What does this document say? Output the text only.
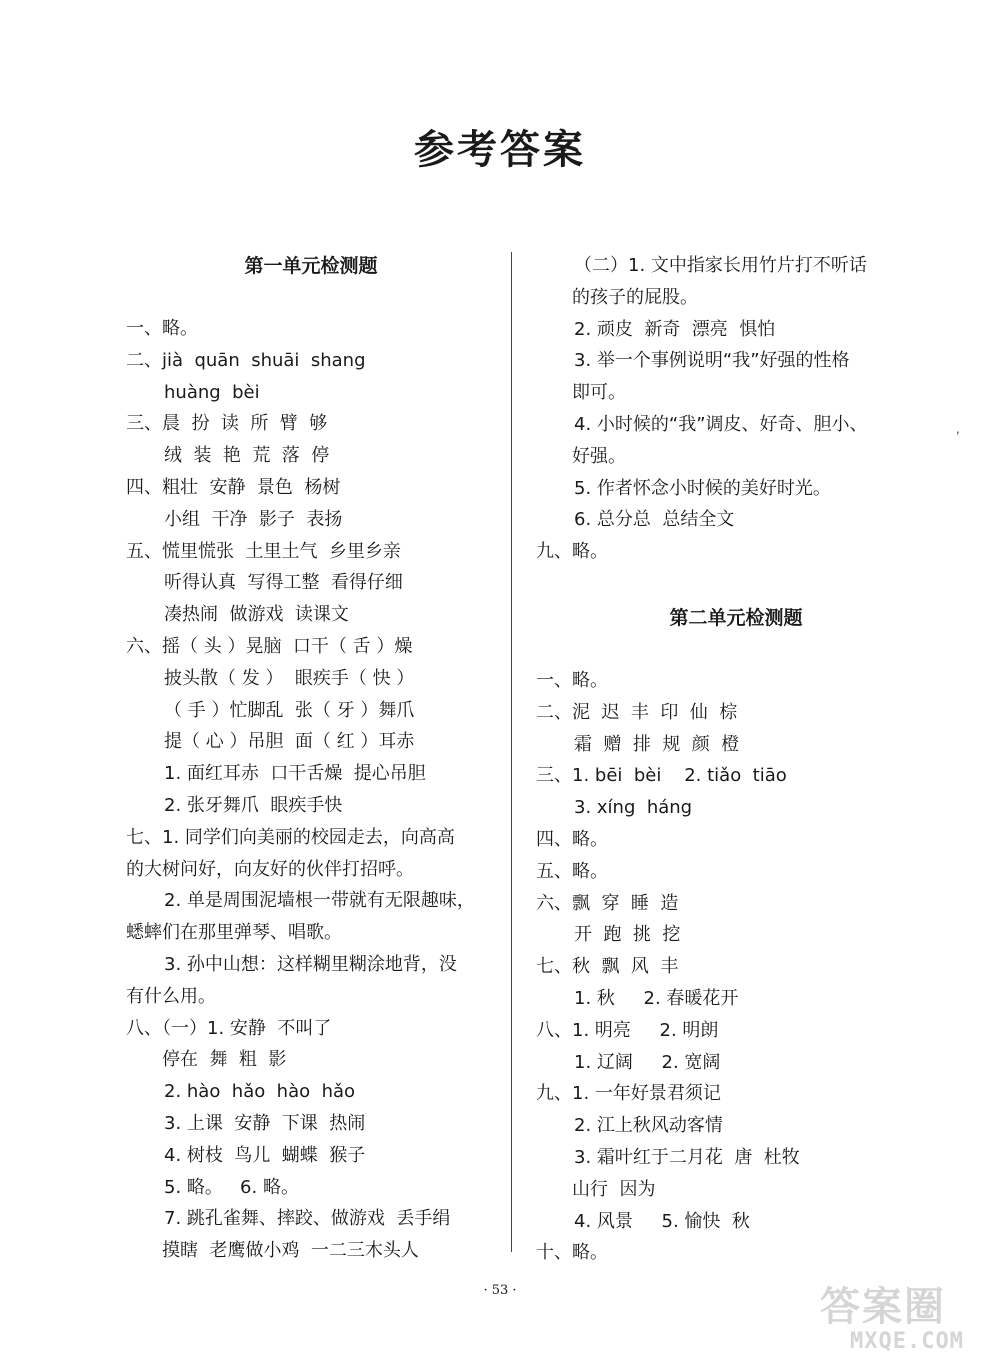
参考答案
第一单元检测题
一、略。
二、jià  quān  shuāi  shang
huàng  bèi
三、晨  扮  读  所  臂  够
绒  装  艳  荒  落  停
四、粗壮  安静  景色  杨树
小组  干净  影子  表扬
五、慌里慌张  土里土气  乡里乡亲
听得认真  写得工整  看得仔细
凑热闹  做游戏  读课文
六、摇（ 头 ）晃脑  口干（ 舌 ）燥
披头散（ 发 ）  眼疾手（ 快 ）
（ 手 ）忙脚乱  张（ 牙 ）舞爪
提（ 心 ）吊胆  面（ 红 ）耳赤
1. 面红耳赤  口干舌燥  提心吊胆
2. 张牙舞爪  眼疾手快
七、1. 同学们向美丽的校园走去，向高高
的大树问好，向友好的伙伴打招呼。
2. 单是周围泥墙根一带就有无限趣味，
蟋蟀们在那里弹琴、唱歌。
3. 孙中山想：这样糊里糊涂地背，没
有什么用。
八、（一）1. 安静  不叫了
停在  舞  粗  影
2. hào  hǎo  hào  hǎo
3. 上课  安静  下课  热闹
4. 树枝  鸟儿  蝴蝶  猴子
5. 略。   6. 略。
7. 跳孔雀舞、摔跤、做游戏  丢手绢
摸瞎  老鹰做小鸡  一二三木头人
（二）1. 文中指家长用竹片打不听话
的孩子的屁股。
2. 顽皮  新奇  漂亮  惧怕
3. 举一个事例说明“我”好强的性格
即可。
4. 小时候的“我”调皮、好奇、胆小、
好强。
5. 作者怀念小时候的美好时光。
6. 总分总  总结全文
九、略。
第二单元检测题
一、略。
二、泥  迟  丰  印  仙  棕
霜  赠  排  规  颜  橙
三、1. bēi  bèi    2. tiǎo  tiāo
3. xíng  háng
四、略。
五、略。
六、飘  穿  睡  造
开  跑  挑  挖
七、秋  飘  风  丰
1. 秋     2. 春暖花开
八、1. 明亮     2. 明朗
1. 辽阔     2. 宽阔
九、1. 一年好景君须记
2. 江上秋风动客情
3. 霜叶红于二月花  唐  杜牧
山行  因为
4. 风景     5. 愉快  秋
十、略。
,
· 53 ·	答案圈
MXQE.COM
